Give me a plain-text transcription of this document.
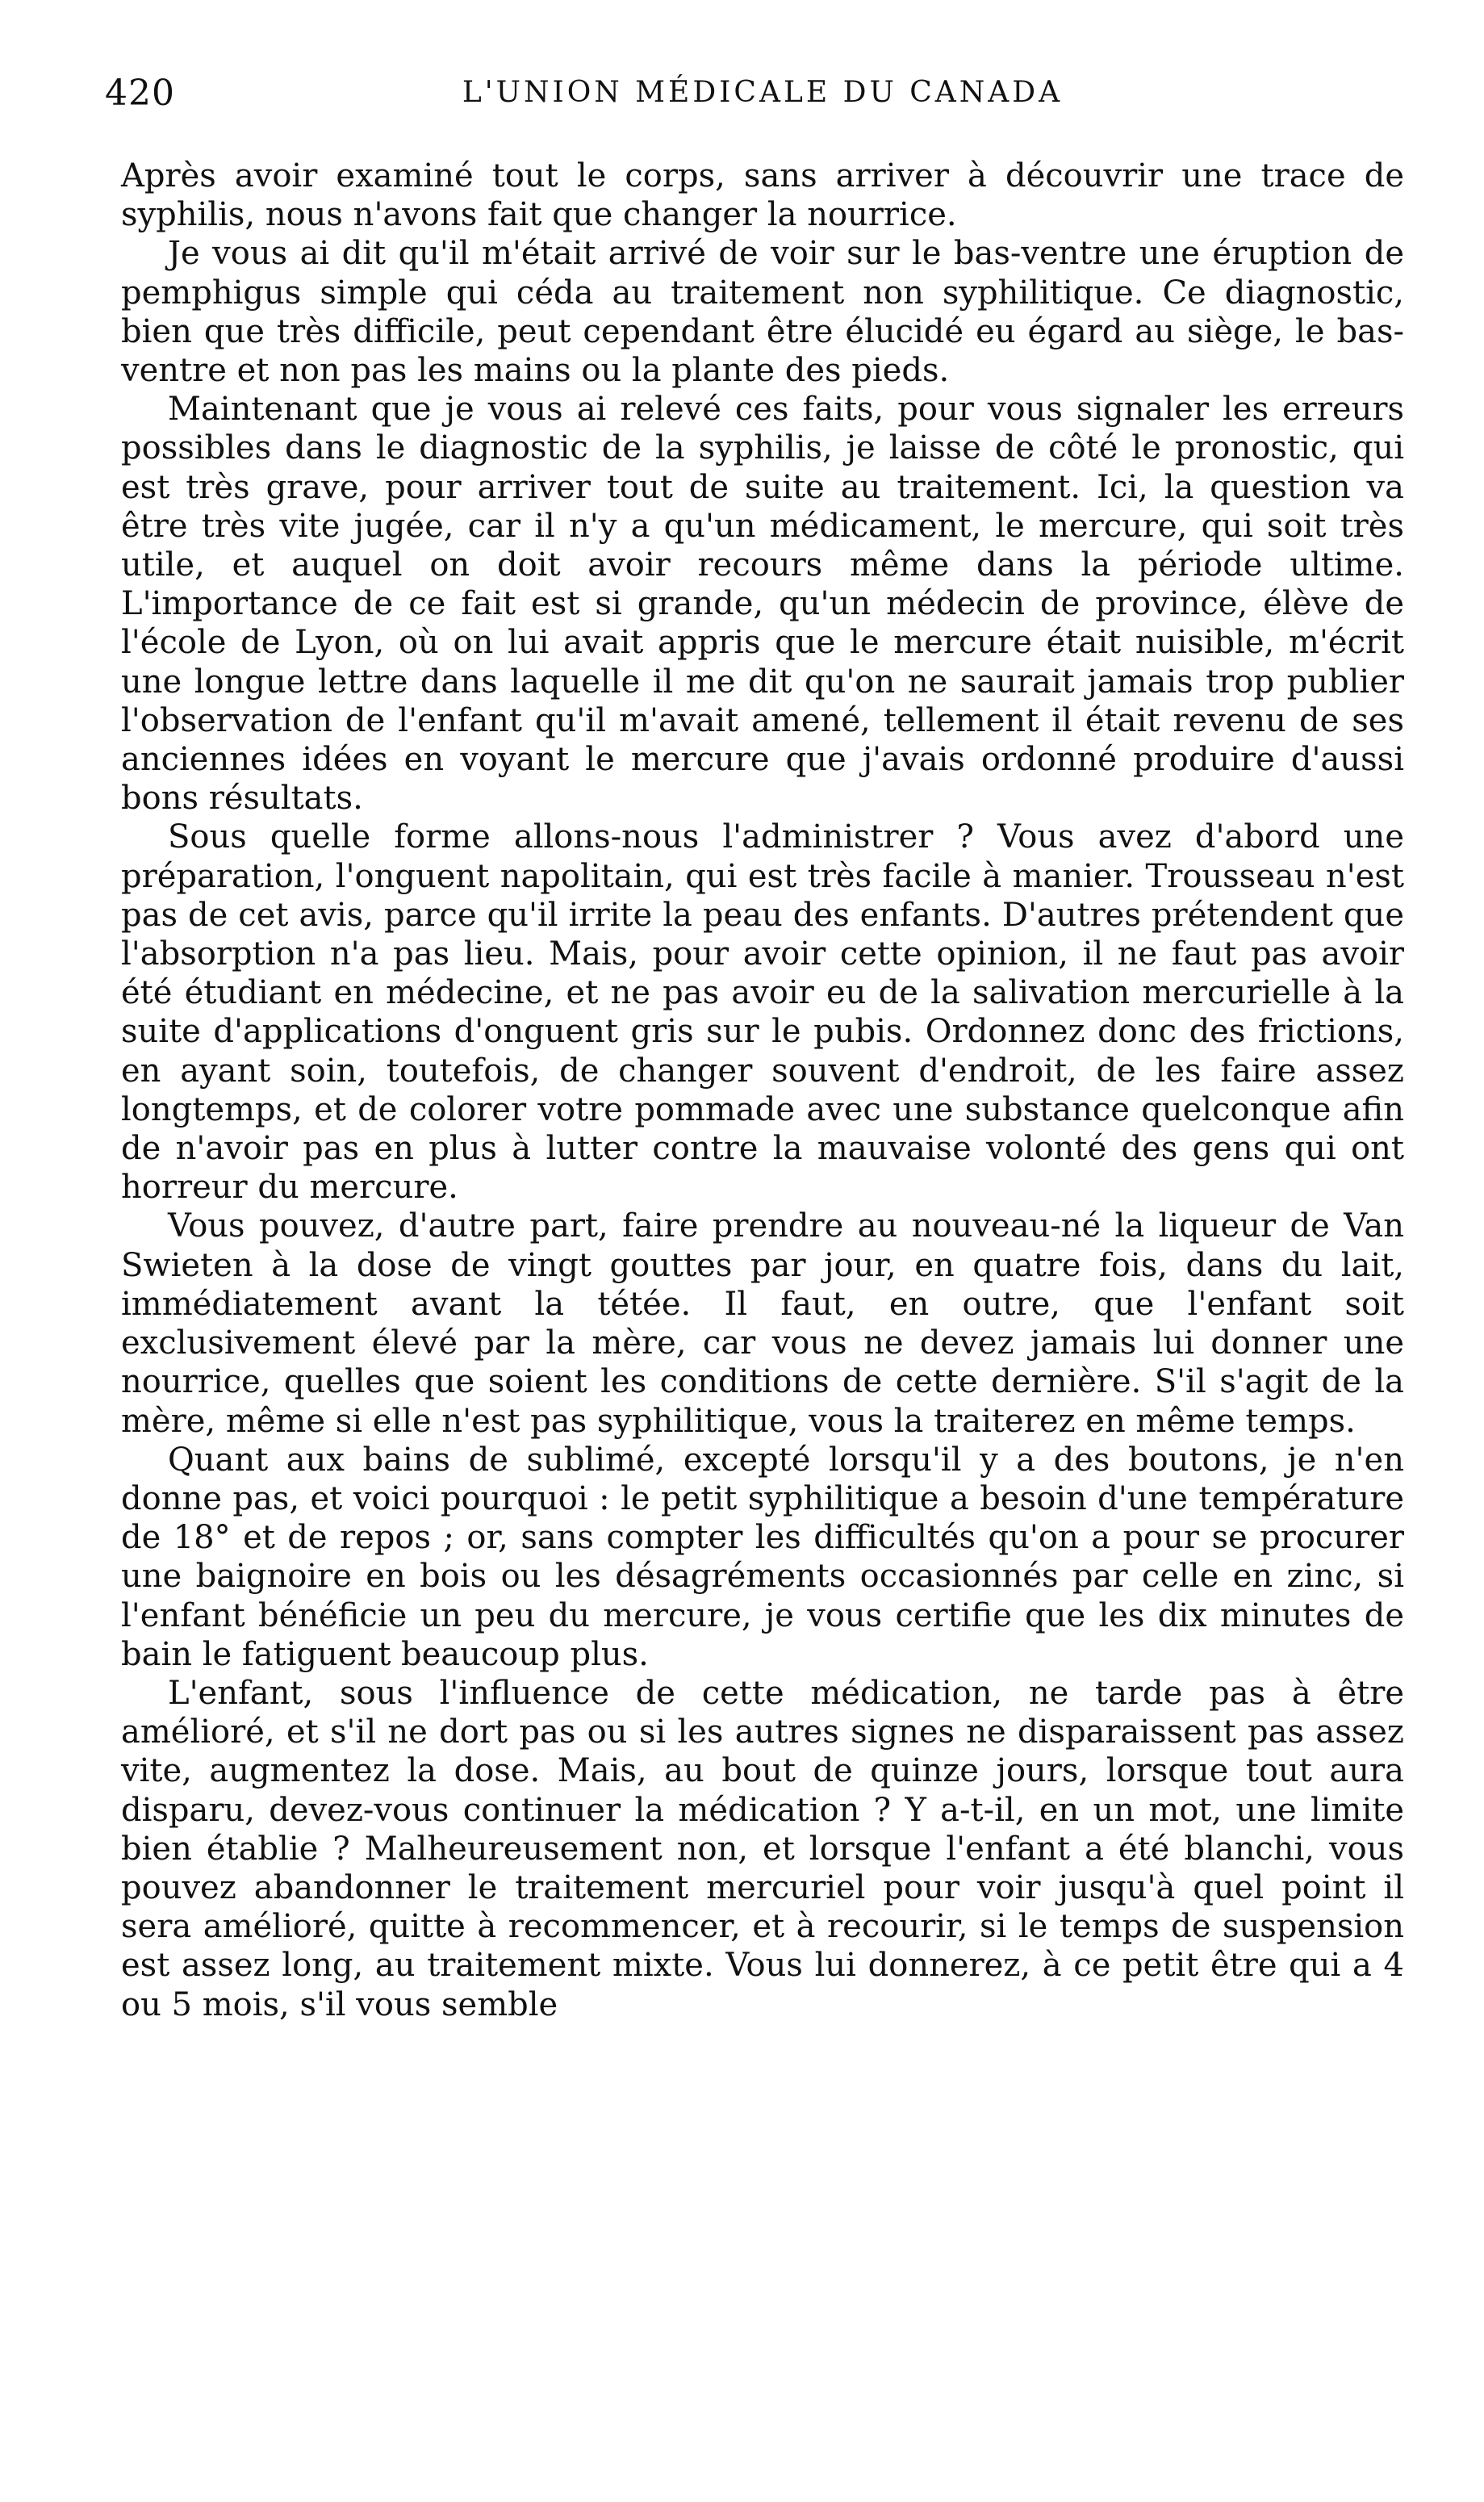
420	L'UNION MÉDICALE DU CANADA

Après avoir examiné tout le corps, sans arriver à découvrir une trace de syphilis, nous n'avons fait que changer la nourrice.

Je vous ai dit qu'il m'était arrivé de voir sur le bas-ventre une éruption de pemphigus simple qui céda au traitement non syphilitique. Ce diagnostic, bien que très difficile, peut cependant être élucidé eu égard au siège, le bas-ventre et non pas les mains ou la plante des pieds.

Maintenant que je vous ai relevé ces faits, pour vous signaler les erreurs possibles dans le diagnostic de la syphilis, je laisse de côté le pronostic, qui est très grave, pour arriver tout de suite au traitement. Ici, la question va être très vite jugée, car il n'y a qu'un médicament, le mercure, qui soit très utile, et auquel on doit avoir recours même dans la période ultime. L'importance de ce fait est si grande, qu'un médecin de province, élève de l'école de Lyon, où on lui avait appris que le mercure était nuisible, m'écrit une longue lettre dans laquelle il me dit qu'on ne saurait jamais trop publier l'observation de l'enfant qu'il m'avait amené, tellement il était revenu de ses anciennes idées en voyant le mercure que j'avais ordonné produire d'aussi bons résultats.

Sous quelle forme allons-nous l'administrer ? Vous avez d'abord une préparation, l'onguent napolitain, qui est très facile à manier. Trousseau n'est pas de cet avis, parce qu'il irrite la peau des enfants. D'autres prétendent que l'absorption n'a pas lieu. Mais, pour avoir cette opinion, il ne faut pas avoir été étudiant en médecine, et ne pas avoir eu de la salivation mercurielle à la suite d'applications d'onguent gris sur le pubis. Ordonnez donc des frictions, en ayant soin, toutefois, de changer souvent d'endroit, de les faire assez longtemps, et de colorer votre pommade avec une substance quelconque afin de n'avoir pas en plus à lutter contre la mauvaise volonté des gens qui ont horreur du mercure.

Vous pouvez, d'autre part, faire prendre au nouveau-né la liqueur de Van Swieten à la dose de vingt gouttes par jour, en quatre fois, dans du lait, immédiatement avant la tétée. Il faut, en outre, que l'enfant soit exclusivement élevé par la mère, car vous ne devez jamais lui donner une nourrice, quelles que soient les conditions de cette dernière. S'il s'agit de la mère, même si elle n'est pas syphilitique, vous la traiterez en même temps.

Quant aux bains de sublimé, excepté lorsqu'il y a des boutons, je n'en donne pas, et voici pourquoi : le petit syphilitique a besoin d'une température de 18° et de repos ; or, sans compter les difficultés qu'on a pour se procurer une baignoire en bois ou les désagréments occasionnés par celle en zinc, si l'enfant bénéficie un peu du mercure, je vous certifie que les dix minutes de bain le fatiguent beaucoup plus.

L'enfant, sous l'influence de cette médication, ne tarde pas à être amélioré, et s'il ne dort pas ou si les autres signes ne disparaissent pas assez vite, augmentez la dose. Mais, au bout de quinze jours, lorsque tout aura disparu, devez-vous continuer la médication ? Y a-t-il, en un mot, une limite bien établie ? Malheureusement non, et lorsque l'enfant a été blanchi, vous pouvez abandonner le traitement mercuriel pour voir jusqu'à quel point il sera amélioré, quitte à recommencer, et à recourir, si le temps de suspension est assez long, au traitement mixte. Vous lui donnerez, à ce petit être qui a 4 ou 5 mois, s'il vous semble
